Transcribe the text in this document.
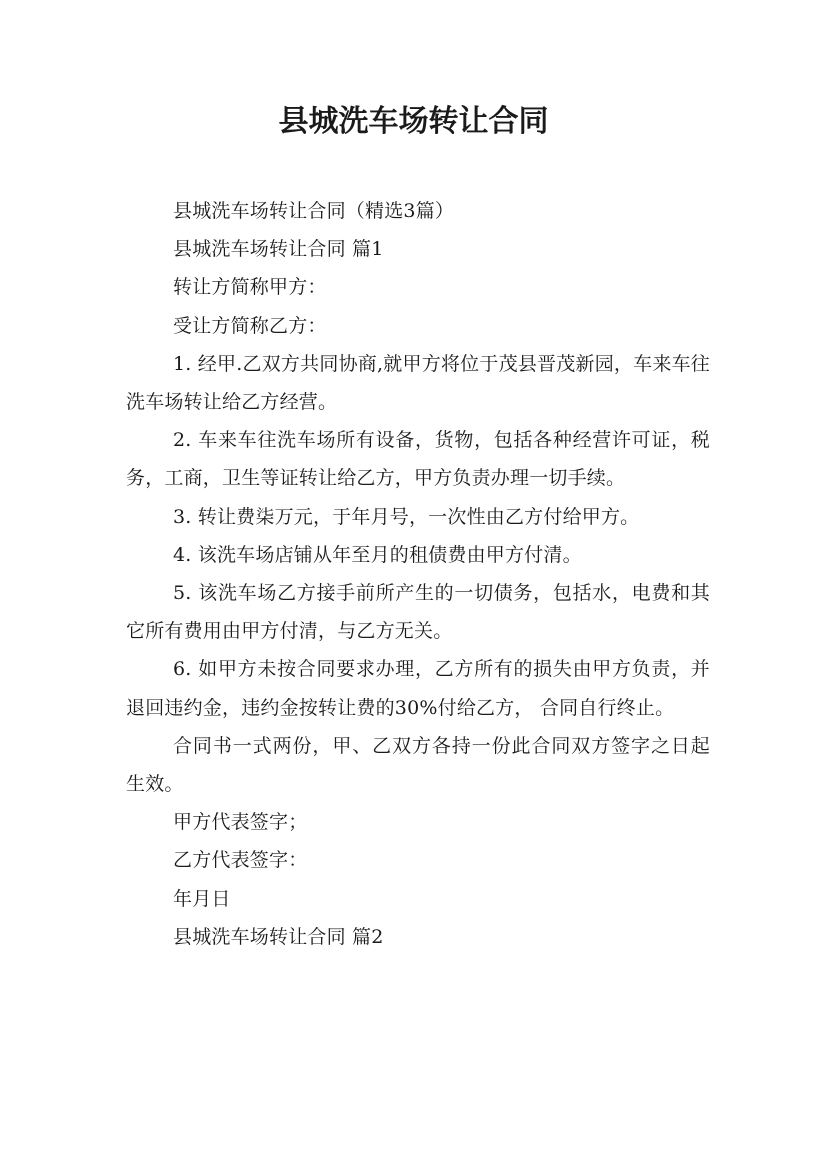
县城洗车场转让合同

县城洗车场转让合同（精选3篇）

县城洗车场转让合同 篇1

转让方简称甲方：

受让方简称乙方：

1. 经甲.乙双方共同协商,就甲方将位于茂县晋茂新园，车来车往洗车场转让给乙方经营。

2. 车来车往洗车场所有设备，货物，包括各种经营许可证，税务，工商，卫生等证转让给乙方，甲方负责办理一切手续。

3. 转让费柒万元，于年月号，一次性由乙方付给甲方。

4. 该洗车场店铺从年至月的租债费由甲方付清。

5. 该洗车场乙方接手前所产生的一切债务，包括水，电费和其它所有费用由甲方付清，与乙方无关。

6. 如甲方未按合同要求办理，乙方所有的损失由甲方负责，并退回违约金，违约金按转让费的30%付给乙方， 合同自行终止。

合同书一式两份，甲、乙双方各持一份此合同双方签字之日起生效。

甲方代表签字；

乙方代表签字：

年月日

县城洗车场转让合同 篇2
